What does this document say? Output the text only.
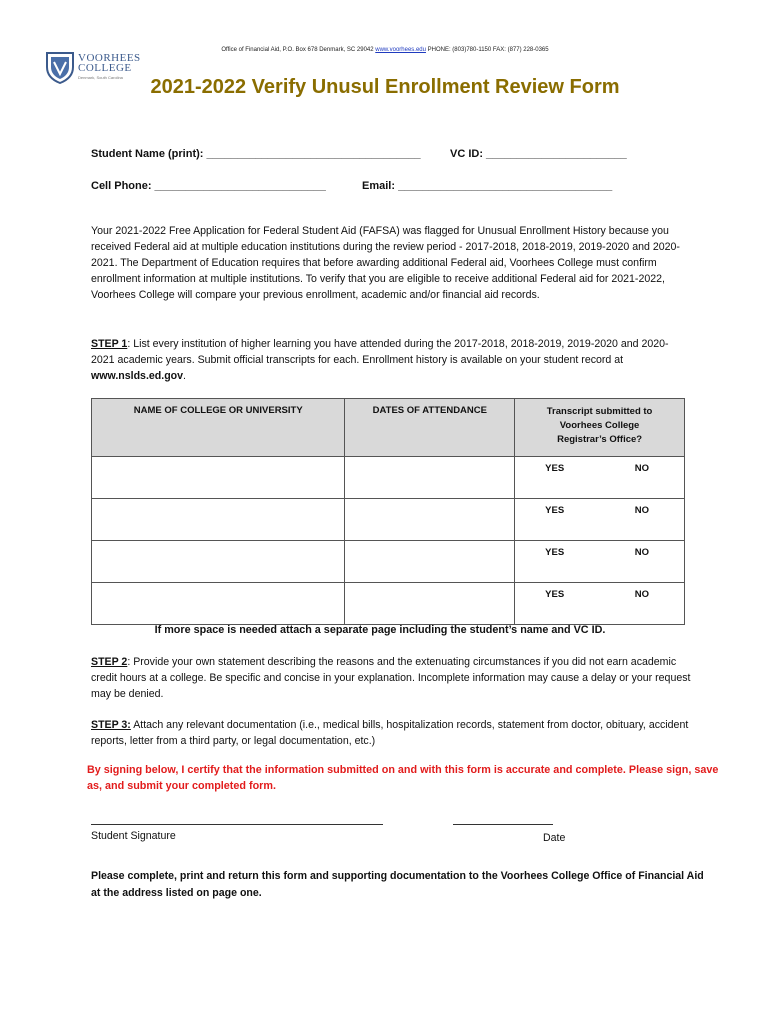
VOORHEES
COLLEGE
Denmark, South Carolina
Office of Financial Aid, P.O. Box 678 Denmark, SC 29042 www.voorhees.edu PHONE: (803)780-1150 FAX: (877) 228-0365
2021-2022 Verify Unusul Enrollment Review Form
Student Name (print): ___________________________________	VC ID: _______________________
Cell Phone: ____________________________	Email: ___________________________________
Your 2021-2022 Free Application for Federal Student Aid (FAFSA) was flagged for Unusual Enrollment History because you received Federal aid at multiple education institutions during the review period - 2017-2018, 2018-2019, 2019-2020 and 2020-2021. The Department of Education requires that before awarding additional Federal aid, Voorhees College must confirm enrollment information at multiple institutions. To verify that you are eligible to receive additional Federal aid for 2021-2022, Voorhees College will compare your previous enrollment, academic and/or financial aid records.
STEP 1: List every institution of higher learning you have attended during the 2017-2018, 2018-2019, 2019-2020 and 2020-2021 academic years. Submit official transcripts for each. Enrollment history is available on your student record at www.nslds.ed.gov.
NAME OF COLLEGE OR UNIVERSITY	DATES OF ATTENDANCE	Transcript submitted to Voorhees College Registrar’s Office?

		YES NO

		YES NO

		YES NO

		YES NO
If more space is needed attach a separate page including the student’s name and VC ID.
STEP 2: Provide your own statement describing the reasons and the extenuating circumstances if you did not earn academic credit hours at a college. Be specific and concise in your explanation. Incomplete information may cause a delay or your request may be denied.
STEP 3: Attach any relevant documentation (i.e., medical bills, hospitalization records, statement from doctor, obituary, accident reports, letter from a third party, or legal documentation, etc.)
By signing below, I certify that the information submitted on and with this form is accurate and complete. Please sign, save as, and submit your completed form.
Student Signature	Date
Please complete, print and return this form and supporting documentation to the Voorhees College Office of Financial Aid at the address listed on page one.
